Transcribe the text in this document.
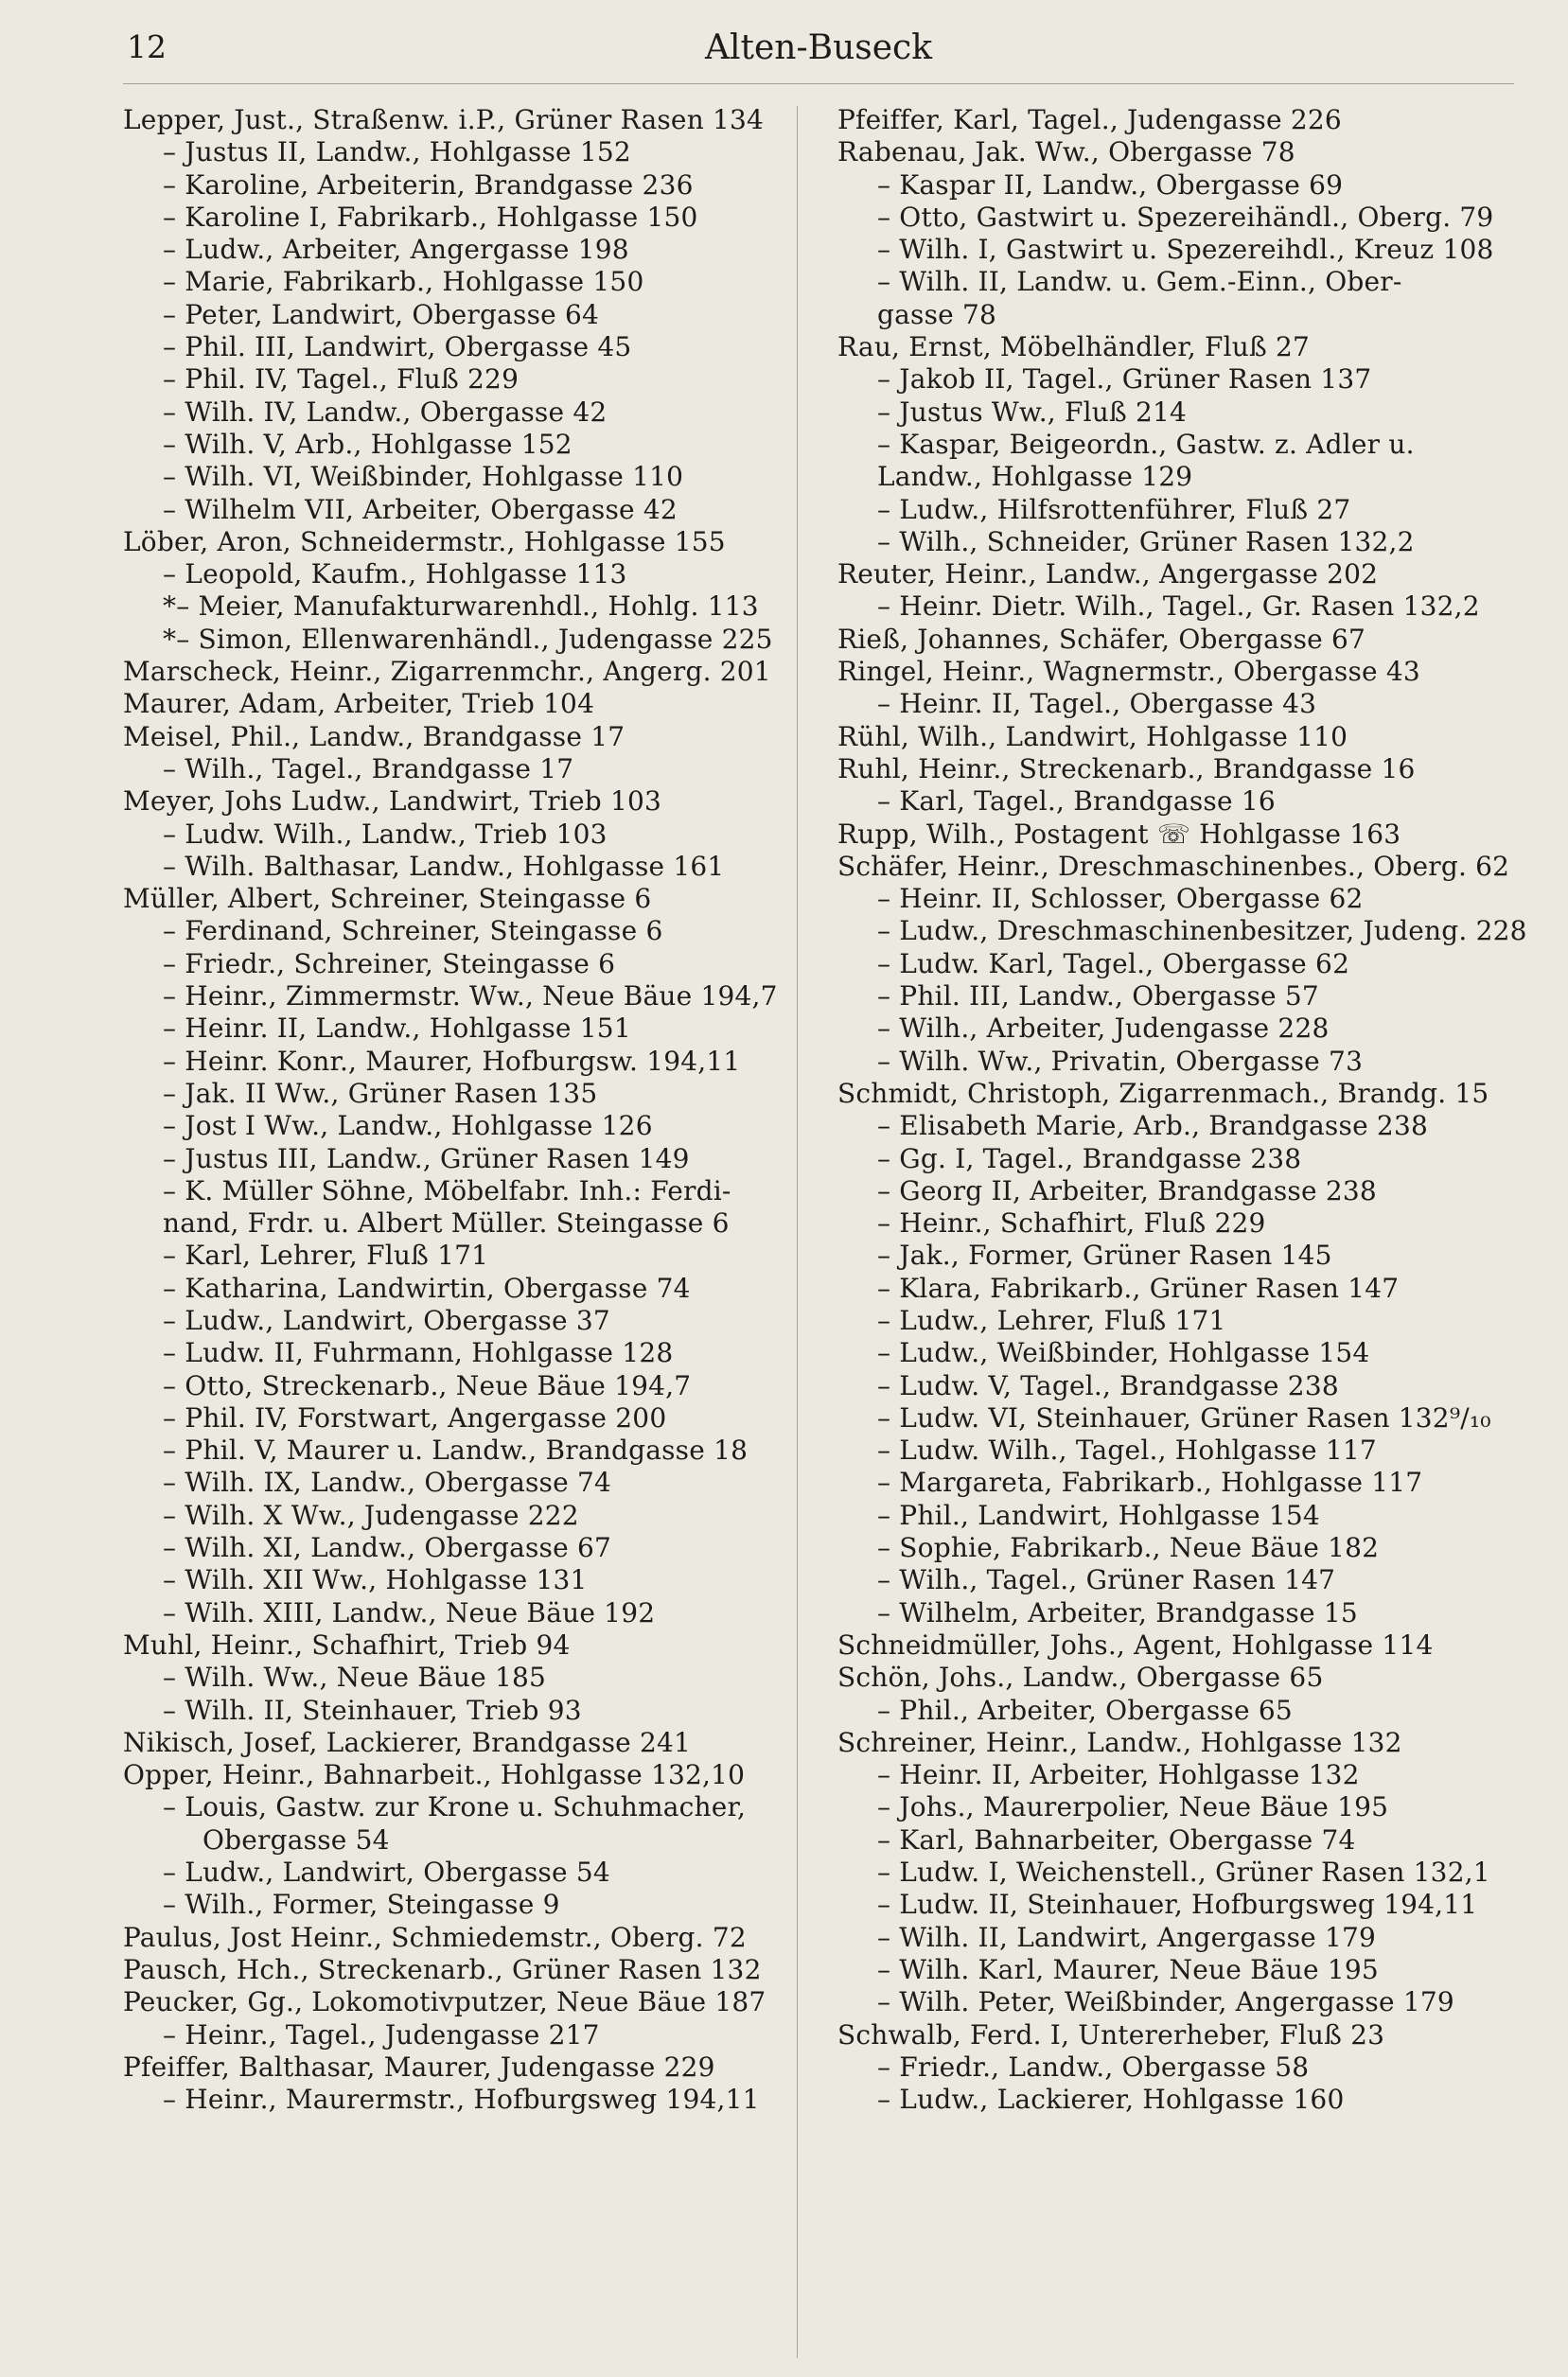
12	Alten-Buseck
Lepper, Just., Straßenw. i.P., Grüner Rasen 134
– Justus II, Landw., Hohlgasse 152
– Karoline, Arbeiterin, Brandgasse 236
– Karoline I, Fabrikarb., Hohlgasse 150
– Ludw., Arbeiter, Angergasse 198
– Marie, Fabrikarb., Hohlgasse 150
– Peter, Landwirt, Obergasse 64
– Phil. III, Landwirt, Obergasse 45
– Phil. IV, Tagel., Fluß 229
– Wilh. IV, Landw., Obergasse 42
– Wilh. V, Arb., Hohlgasse 152
– Wilh. VI, Weißbinder, Hohlgasse 110
– Wilhelm VII, Arbeiter, Obergasse 42
Löber, Aron, Schneidermstr., Hohlgasse 155
– Leopold, Kaufm., Hohlgasse 113
*– Meier, Manufakturwarenhdl., Hohlg. 113
*– Simon, Ellenwarenhändl., Judengasse 225
Marscheck, Heinr., Zigarrenmchr., Angerg. 201
Maurer, Adam, Arbeiter, Trieb 104
Meisel, Phil., Landw., Brandgasse 17
– Wilh., Tagel., Brandgasse 17
Meyer, Johs Ludw., Landwirt, Trieb 103
– Ludw. Wilh., Landw., Trieb 103
– Wilh. Balthasar, Landw., Hohlgasse 161
Müller, Albert, Schreiner, Steingasse 6
– Ferdinand, Schreiner, Steingasse 6
– Friedr., Schreiner, Steingasse 6
– Heinr., Zimmermstr. Ww., Neue Bäue 194,7
– Heinr. II, Landw., Hohlgasse 151
– Heinr. Konr., Maurer, Hofburgsw. 194,11
– Jak. II Ww., Grüner Rasen 135
– Jost I Ww., Landw., Hohlgasse 126
– Justus III, Landw., Grüner Rasen 149
– K. Müller Söhne, Möbelfabr. Inh.: Ferdi-
nand, Frdr. u. Albert Müller. Steingasse 6
– Karl, Lehrer, Fluß 171
– Katharina, Landwirtin, Obergasse 74
– Ludw., Landwirt, Obergasse 37
– Ludw. II, Fuhrmann, Hohlgasse 128
– Otto, Streckenarb., Neue Bäue 194,7
– Phil. IV, Forstwart, Angergasse 200
– Phil. V, Maurer u. Landw., Brandgasse 18
– Wilh. IX, Landw., Obergasse 74
– Wilh. X Ww., Judengasse 222
– Wilh. XI, Landw., Obergasse 67
– Wilh. XII Ww., Hohlgasse 131
– Wilh. XIII, Landw., Neue Bäue 192
Muhl, Heinr., Schafhirt, Trieb 94
– Wilh. Ww., Neue Bäue 185
– Wilh. II, Steinhauer, Trieb 93
Nikisch, Josef, Lackierer, Brandgasse 241
Opper, Heinr., Bahnarbeit., Hohlgasse 132,10
– Louis, Gastw. zur Krone u. Schuhmacher,
Obergasse 54
– Ludw., Landwirt, Obergasse 54
– Wilh., Former, Steingasse 9
Paulus, Jost Heinr., Schmiedemstr., Oberg. 72
Pausch, Hch., Streckenarb., Grüner Rasen 132
Peucker, Gg., Lokomotivputzer, Neue Bäue 187
– Heinr., Tagel., Judengasse 217
Pfeiffer, Balthasar, Maurer, Judengasse 229
– Heinr., Maurermstr., Hofburgsweg 194,11
Pfeiffer, Karl, Tagel., Judengasse 226
Rabenau, Jak. Ww., Obergasse 78
– Kaspar II, Landw., Obergasse 69
– Otto, Gastwirt u. Spezereihändl., Oberg. 79
– Wilh. I, Gastwirt u. Spezereihdl., Kreuz 108
– Wilh. II, Landw. u. Gem.-Einn., Ober-
gasse 78
Rau, Ernst, Möbelhändler, Fluß 27
– Jakob II, Tagel., Grüner Rasen 137
– Justus Ww., Fluß 214
– Kaspar, Beigeordn., Gastw. z. Adler u.
Landw., Hohlgasse 129
– Ludw., Hilfsrottenführer, Fluß 27
– Wilh., Schneider, Grüner Rasen 132,2
Reuter, Heinr., Landw., Angergasse 202
– Heinr. Dietr. Wilh., Tagel., Gr. Rasen 132,2
Rieß, Johannes, Schäfer, Obergasse 67
Ringel, Heinr., Wagnermstr., Obergasse 43
– Heinr. II, Tagel., Obergasse 43
Rühl, Wilh., Landwirt, Hohlgasse 110
Ruhl, Heinr., Streckenarb., Brandgasse 16
– Karl, Tagel., Brandgasse 16
Rupp, Wilh., Postagent ☏ Hohlgasse 163
Schäfer, Heinr., Dreschmaschinenbes., Oberg. 62
– Heinr. II, Schlosser, Obergasse 62
– Ludw., Dreschmaschinenbesitzer, Judeng. 228
– Ludw. Karl, Tagel., Obergasse 62
– Phil. III, Landw., Obergasse 57
– Wilh., Arbeiter, Judengasse 228
– Wilh. Ww., Privatin, Obergasse 73
Schmidt, Christoph, Zigarrenmach., Brandg. 15
– Elisabeth Marie, Arb., Brandgasse 238
– Gg. I, Tagel., Brandgasse 238
– Georg II, Arbeiter, Brandgasse 238
– Heinr., Schafhirt, Fluß 229
– Jak., Former, Grüner Rasen 145
– Klara, Fabrikarb., Grüner Rasen 147
– Ludw., Lehrer, Fluß 171
– Ludw., Weißbinder, Hohlgasse 154
– Ludw. V, Tagel., Brandgasse 238
– Ludw. VI, Steinhauer, Grüner Rasen 132⁹/₁₀
– Ludw. Wilh., Tagel., Hohlgasse 117
– Margareta, Fabrikarb., Hohlgasse 117
– Phil., Landwirt, Hohlgasse 154
– Sophie, Fabrikarb., Neue Bäue 182
– Wilh., Tagel., Grüner Rasen 147
– Wilhelm, Arbeiter, Brandgasse 15
Schneidmüller, Johs., Agent, Hohlgasse 114
Schön, Johs., Landw., Obergasse 65
– Phil., Arbeiter, Obergasse 65
Schreiner, Heinr., Landw., Hohlgasse 132
– Heinr. II, Arbeiter, Hohlgasse 132
– Johs., Maurerpolier, Neue Bäue 195
– Karl, Bahnarbeiter, Obergasse 74
– Ludw. I, Weichenstell., Grüner Rasen 132,1
– Ludw. II, Steinhauer, Hofburgsweg 194,11
– Wilh. II, Landwirt, Angergasse 179
– Wilh. Karl, Maurer, Neue Bäue 195
– Wilh. Peter, Weißbinder, Angergasse 179
Schwalb, Ferd. I, Untererheber, Fluß 23
– Friedr., Landw., Obergasse 58
– Ludw., Lackierer, Hohlgasse 160
